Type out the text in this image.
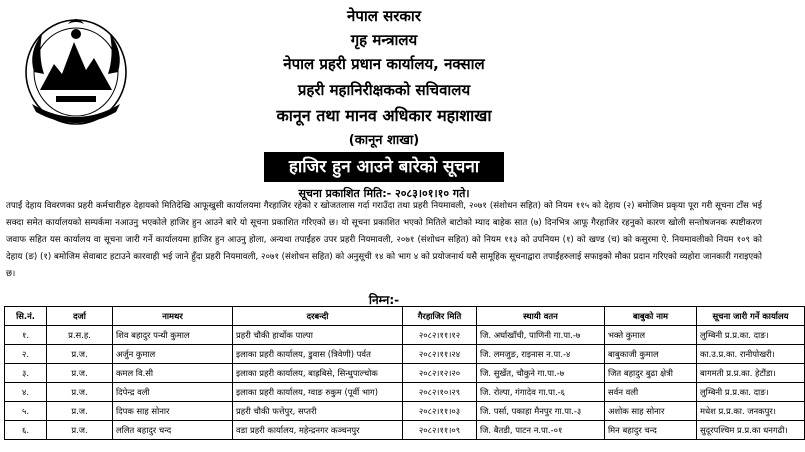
नेपाल सरकार
गृह मन्त्रालय
नेपाल प्रहरी प्रधान कार्यालय, नक्साल
प्रहरी महानिरीक्षकको सचिवालय
कानून तथा मानव अधिकार महाशाखा
(कानून शाखा)
हाजिर हुन आउने बारेको सूचना
सूचना प्रकाशित मिति:- २०८३।०१।१० गते।

तपाईं देहाय विवरणका प्रहरी कर्मचारीहरु देहायको मितिदेखि आफूखुसी कार्यालयमा गैरहाजिर रहेको र खोजतलास गर्दा गराउँदा तथा प्रहरी नियमावली, २०७१ (संशोधन सहित) को नियम ११५ को देहाय (२) बमोजिम प्रकृया पूरा गरी सूचना टाँस भई सक्दा समेत कार्यालयको सम्पर्कमा नआउनु भएकोले हाजिर हुन आउने बारे यो सूचना प्रकाशित गरिएको छ। यो सूचना प्रकाशित भएको मितिले बाटोको म्याद बाहेक सात (७) दिनभित्र आफू गैरहाजिर रहनुको कारण खोली सन्तोषजनक स्पष्टीकरण जवाफ सहित यस कार्यालय वा सूचना जारी गर्ने कार्यालयमा हाजिर हुन आउनु होला, अन्यथा तपाईंहरु उपर प्रहरी नियमावली, २०७१ (संशोधन सहित) को नियम ११३ को उपनियम (१) को खण्ड (च) को कसुरमा ऐ. नियमावलीको नियम १०९ को देहाय (ङ) (१) बमोजिम सेवाबाट हटाउने कारवाही भई जाने हुँदा प्रहरी नियमावली, २०७१ (संशोधन सहित) को अनुसूची १४ को भाग ४ को प्रयोजनार्थ यसै सामूहिक सूचनाद्वारा तपाईंहरुलाई सफाइको मौका प्रदान गरिएको व्यहोरा जानकारी गराइएको छ।

निम्न:-
सि.नं.	दर्जा	नामथर	दरबन्दी	गैरहाजिर मिति	स्थायी वतन	बाबुको नाम	सूचना जारी गर्ने कार्यालय
१.	प्र.स.ह.	शिव बहादुर पन्थी कुमाल	प्रहरी चौकी हार्थोक पाल्पा	२०८२।११।१२	जि. अर्घाखाँची, पाणिनी गा.पा.-७	भक्ते कुमाल	लुम्बिनी प्र.प्र.का. दाङ।
२.	प्र.ज.	अर्जुन कुमाल	इलाका प्रहरी कार्यालय, डुवास (त्रिवेणी) पर्वत	२०८२।११।२४	जि. लमजुङ, राइनास न.पा.-४	बाबुकाजी कुमाल	का.उ.प्र.का. रानीपोखरी।
३.	प्र.ज.	कमल वि.सी	इलाका प्रहरी कार्यालय, बाह्रबिसे, सिन्धुपाल्चोक	२०८२।१२।२०	जि. सुर्खेत, चौकुने गा.पा.-७	जित बहादुर बुढा क्षेत्री	बागमती प्र.प्र.का. हेटौंडा।
४.	प्र.ज.	दिपेन्द्र वली	इलाका प्रहरी कार्यालय, ग्वाङ रुकुम (पूर्वी भाग)	२०८२।१०।२९	जि. रोल्पा, गंगादेव गा.पा.-६	सर्वन वली	लुम्बिनी प्र.प्र.का. दाङ।
५.	प्र.ज.	दिपक साह सोनार	प्रहरी चौकी फत्तेपुर, सप्तरी	२०८२।११।०३	जि. पर्सा, पकाहा मैनपुर गा.पा.-३	अशोक साह सोनार	मधेश प्र.प्र.का. जनकपुर।
६.	प्र.ज.	ललित बहादुर चन्द	वडा प्रहरी कार्यालय, महेन्द्रनगर कञ्चनपुर	२०८२।११।०९	जि. बैतडी, पाटन न.पा.-०१	मिन बहादुर चन्द	सुदूरपश्चिम प्र.प्र.का धनगढी।
